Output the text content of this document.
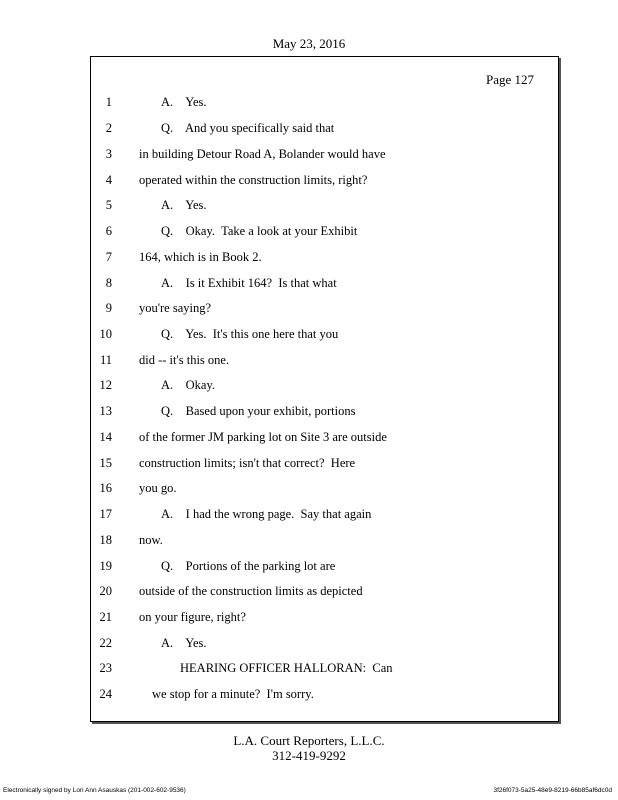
May 23, 2016
Page 127
1	A.    Yes.
2	Q.    And you specifically said that
3 in building Detour Road A, Bolander would have
4 operated within the construction limits, right?
5	A.    Yes.
6	Q.    Okay.  Take a look at your Exhibit
7 164, which is in Book 2.
8	A.    Is it Exhibit 164?  Is that what
9 you're saying?
10	Q.    Yes.  It's this one here that you
11 did -- it's this one.
12	A.    Okay.
13	Q.    Based upon your exhibit, portions
14 of the former JM parking lot on Site 3 are outside
15 construction limits; isn't that correct?  Here
16 you go.
17	A.    I had the wrong page.  Say that again
18 now.
19	Q.    Portions of the parking lot are
20 outside of the construction limits as depicted
21 on your figure, right?
22	A.    Yes.
23	HEARING OFFICER HALLORAN:  Can
24	we stop for a minute?  I'm sorry.
L.A. Court Reporters, L.L.C.
312-419-9292
Electronically signed by Lori Ann Asauskas (201-002-602-9536)	3f26f073-5a25-48e9-8219-66b85af6dc0d
